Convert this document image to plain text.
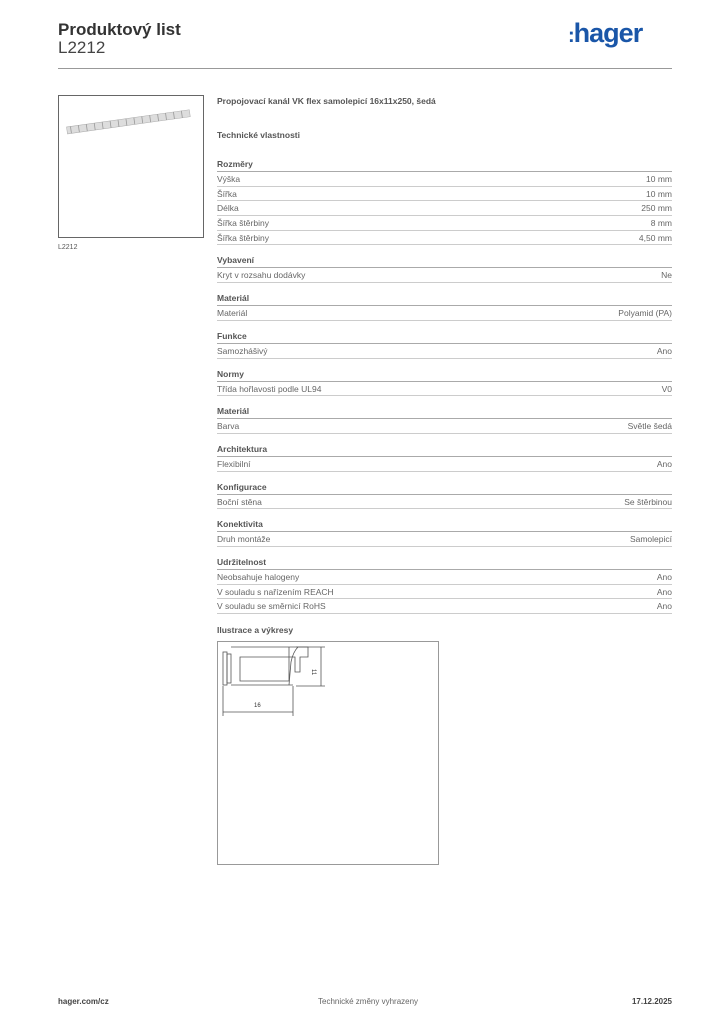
Produktový list
L2212
:hager
L2212
Propojovací kanál VK flex samolepicí 16x11x250, šedá
Technické vlastnosti
Rozměry
Výška	10 mm
Šířka	10 mm
Délka	250 mm
Šířka štěrbiny	8 mm
Šířka štěrbiny	4,50 mm
Vybavení
Kryt v rozsahu dodávky	Ne
Materiál
Materiál	Polyamid (PA)
Funkce
Samozhášivý	Ano
Normy
Třída hořlavosti podle UL94	V0
Materiál
Barva	Světle šedá
Architektura
Flexibilní	Ano
Konfigurace
Boční stěna	Se štěrbinou
Konektivita
Druh montáže	Samolepicí
Udržitelnost
Neobsahuje halogeny	Ano
V souladu s nařízením REACH	Ano
V souladu se směrnicí RoHS	Ano
Ilustrace a výkresy
16
11
hager.com/cz	Technické změny vyhrazeny	17.12.2025
